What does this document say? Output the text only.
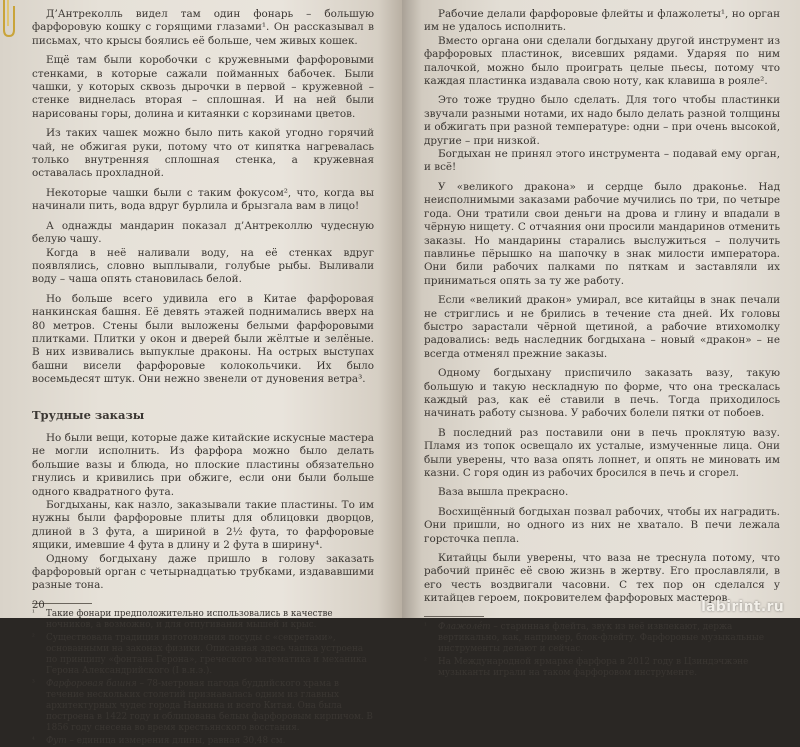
Д’Антреколль видел там один фонарь – большую фарфоровую кошку с горящими глазами¹. Он рассказывал в письмах, что крысы боялись её больше, чем живых кошек.

Ещё там были коробочки с кружевными фарфоровыми стенками, в которые сажали пойманных бабочек. Были чашки, у которых сквозь дырочки в первой – кружевной – стенке виднелась вторая – сплошная. И на ней были нарисованы горы, долина и китаянки с корзинами цветов.

Из таких чашек можно было пить какой угодно горячий чай, не обжигая руки, потому что от кипятка нагревалась только внутренняя сплошная стенка, а кружевная оставалась прохладной.

Некоторые чашки были с таким фокусом², что, когда вы начинали пить, вода вдруг бурлила и брызгала вам в лицо!

А однажды мандарин показал д’Антреколлю чудесную белую чашу.

Когда в неё наливали воду, на её стенках вдруг появлялись, словно выплывали, голубые рыбы. Выливали воду – чаша опять становилась белой.

Но больше всего удивила его в Китае фарфоровая нанкинская башня. Её девять этажей поднимались вверх на 80 метров. Стены были выложены белыми фарфоровыми плитками. Плитки у окон и дверей были жёлтые и зелёные. В них извивались выпуклые драконы. На острых выступах башни висели фарфоровые колокольчики. Их было восемьдесят штук. Они нежно звенели от дуновения ветра³.

Трудные заказы

Но были вещи, которые даже китайские искусные мастера не могли исполнить. Из фарфора можно было делать большие вазы и блюда, но плоские пластины обязательно гнулись и кривились при обжиге, если они были больше одного квадратного фута.

Богдыханы, как назло, заказывали такие пластины. То им нужны были фарфоровые плиты для облицовки дворцов, длиной в 3 фута, а шириной в 2½ фута, то фарфоровые ящики, имевшие 4 фута в длину и 2 фута в ширину⁴.

Одному богдыхану даже пришло в голову заказать фарфоровый орган с четырнадцатью трубками, издававшими разные тона.

¹ Такие фонари предположительно использовались в качестве ночников, а возможно, и для отпугивания мышей и крыс.
² Существовала традиция изготовления посуды с «секретами», основанными на законах физики. Описанная здесь чашка устроена по принципу «фонтана Герона», греческого математика и механика Герона Александрийского (I в.н.э.).
³ Фарфоровая башня – 78-метровая пагода буддийского храма в течение нескольких столетий признавалась одним из главных архитектурных чудес города Нанкина и всего Китая. Она была построена в 1422 году и облицована белым фарфоровым кирпичом. В 1856 году снесена во время крестьянского восстания.
⁴ Фут – единица измерения длины, равная 30,48 см.
20

Рабочие делали фарфоровые флейты и флажолеты¹, но орган им не удалось исполнить.

Вместо органа они сделали богдыхану другой инструмент из фарфоровых пластинок, висевших рядами. Ударяя по ним палочкой, можно было проиграть целые пьесы, потому что каждая пластинка издавала свою ноту, как клавиша в рояле².

Это тоже трудно было сделать. Для того чтобы пластинки звучали разными нотами, их надо было делать разной толщины и обжигать при разной температуре: одни – при очень высокой, другие – при низкой.

Богдыхан не принял этого инструмента – подавай ему орган, и всё!

У «великого дракона» и сердце было драконье. Над неисполнимыми заказами рабочие мучились по три, по четыре года. Они тратили свои деньги на дрова и глину и впадали в чёрную нищету. С отчаяния они просили мандаринов отменить заказы. Но мандарины старались выслужиться – получить павлинье пёрышко на шапочку в знак милости императора. Они били рабочих палками по пяткам и заставляли их приниматься опять за ту же работу.

Если «великий дракон» умирал, все китайцы в знак печали не стриглись и не брились в течение ста дней. Их головы быстро зарастали чёрной щетиной, а рабочие втихомолку радовались: ведь наследник богдыхана – новый «дракон» – не всегда отменял прежние заказы.

Одному богдыхану приспичило заказать вазу, такую большую и такую нескладную по форме, что она трескалась каждый раз, как её ставили в печь. Тогда приходилось начинать работу сызнова. У рабочих болели пятки от побоев.

В последний раз поставили они в печь проклятую вазу. Пламя из топок освещало их усталые, измученные лица. Они были уверены, что ваза опять лопнет, и опять не миновать им казни. С горя один из рабочих бросился в печь и сгорел.

Ваза вышла прекрасно.

Восхищённый богдыхан позвал рабочих, чтобы их наградить. Они пришли, но одного из них не хватало. В печи лежала горсточка пепла.

Китайцы были уверены, что ваза не треснула потому, что рабочий принёс её свою жизнь в жертву. Его прославляли, в его честь воздвигали часовни. С тех пор он сделался у китайцев героем, покровителем фарфоровых мастеров.

¹ Флажоле́т – старинная флейта, звук из неё извлекают, держа вертикально, как, например, блок-флейту. Фарфоровые музыкальные инструменты делают и сейчас.
² На Международной ярмарке фарфора в 2012 году в Цзиндэчжэне музыканты играли на таком фарфоровом инструменте.
labirint.ru
